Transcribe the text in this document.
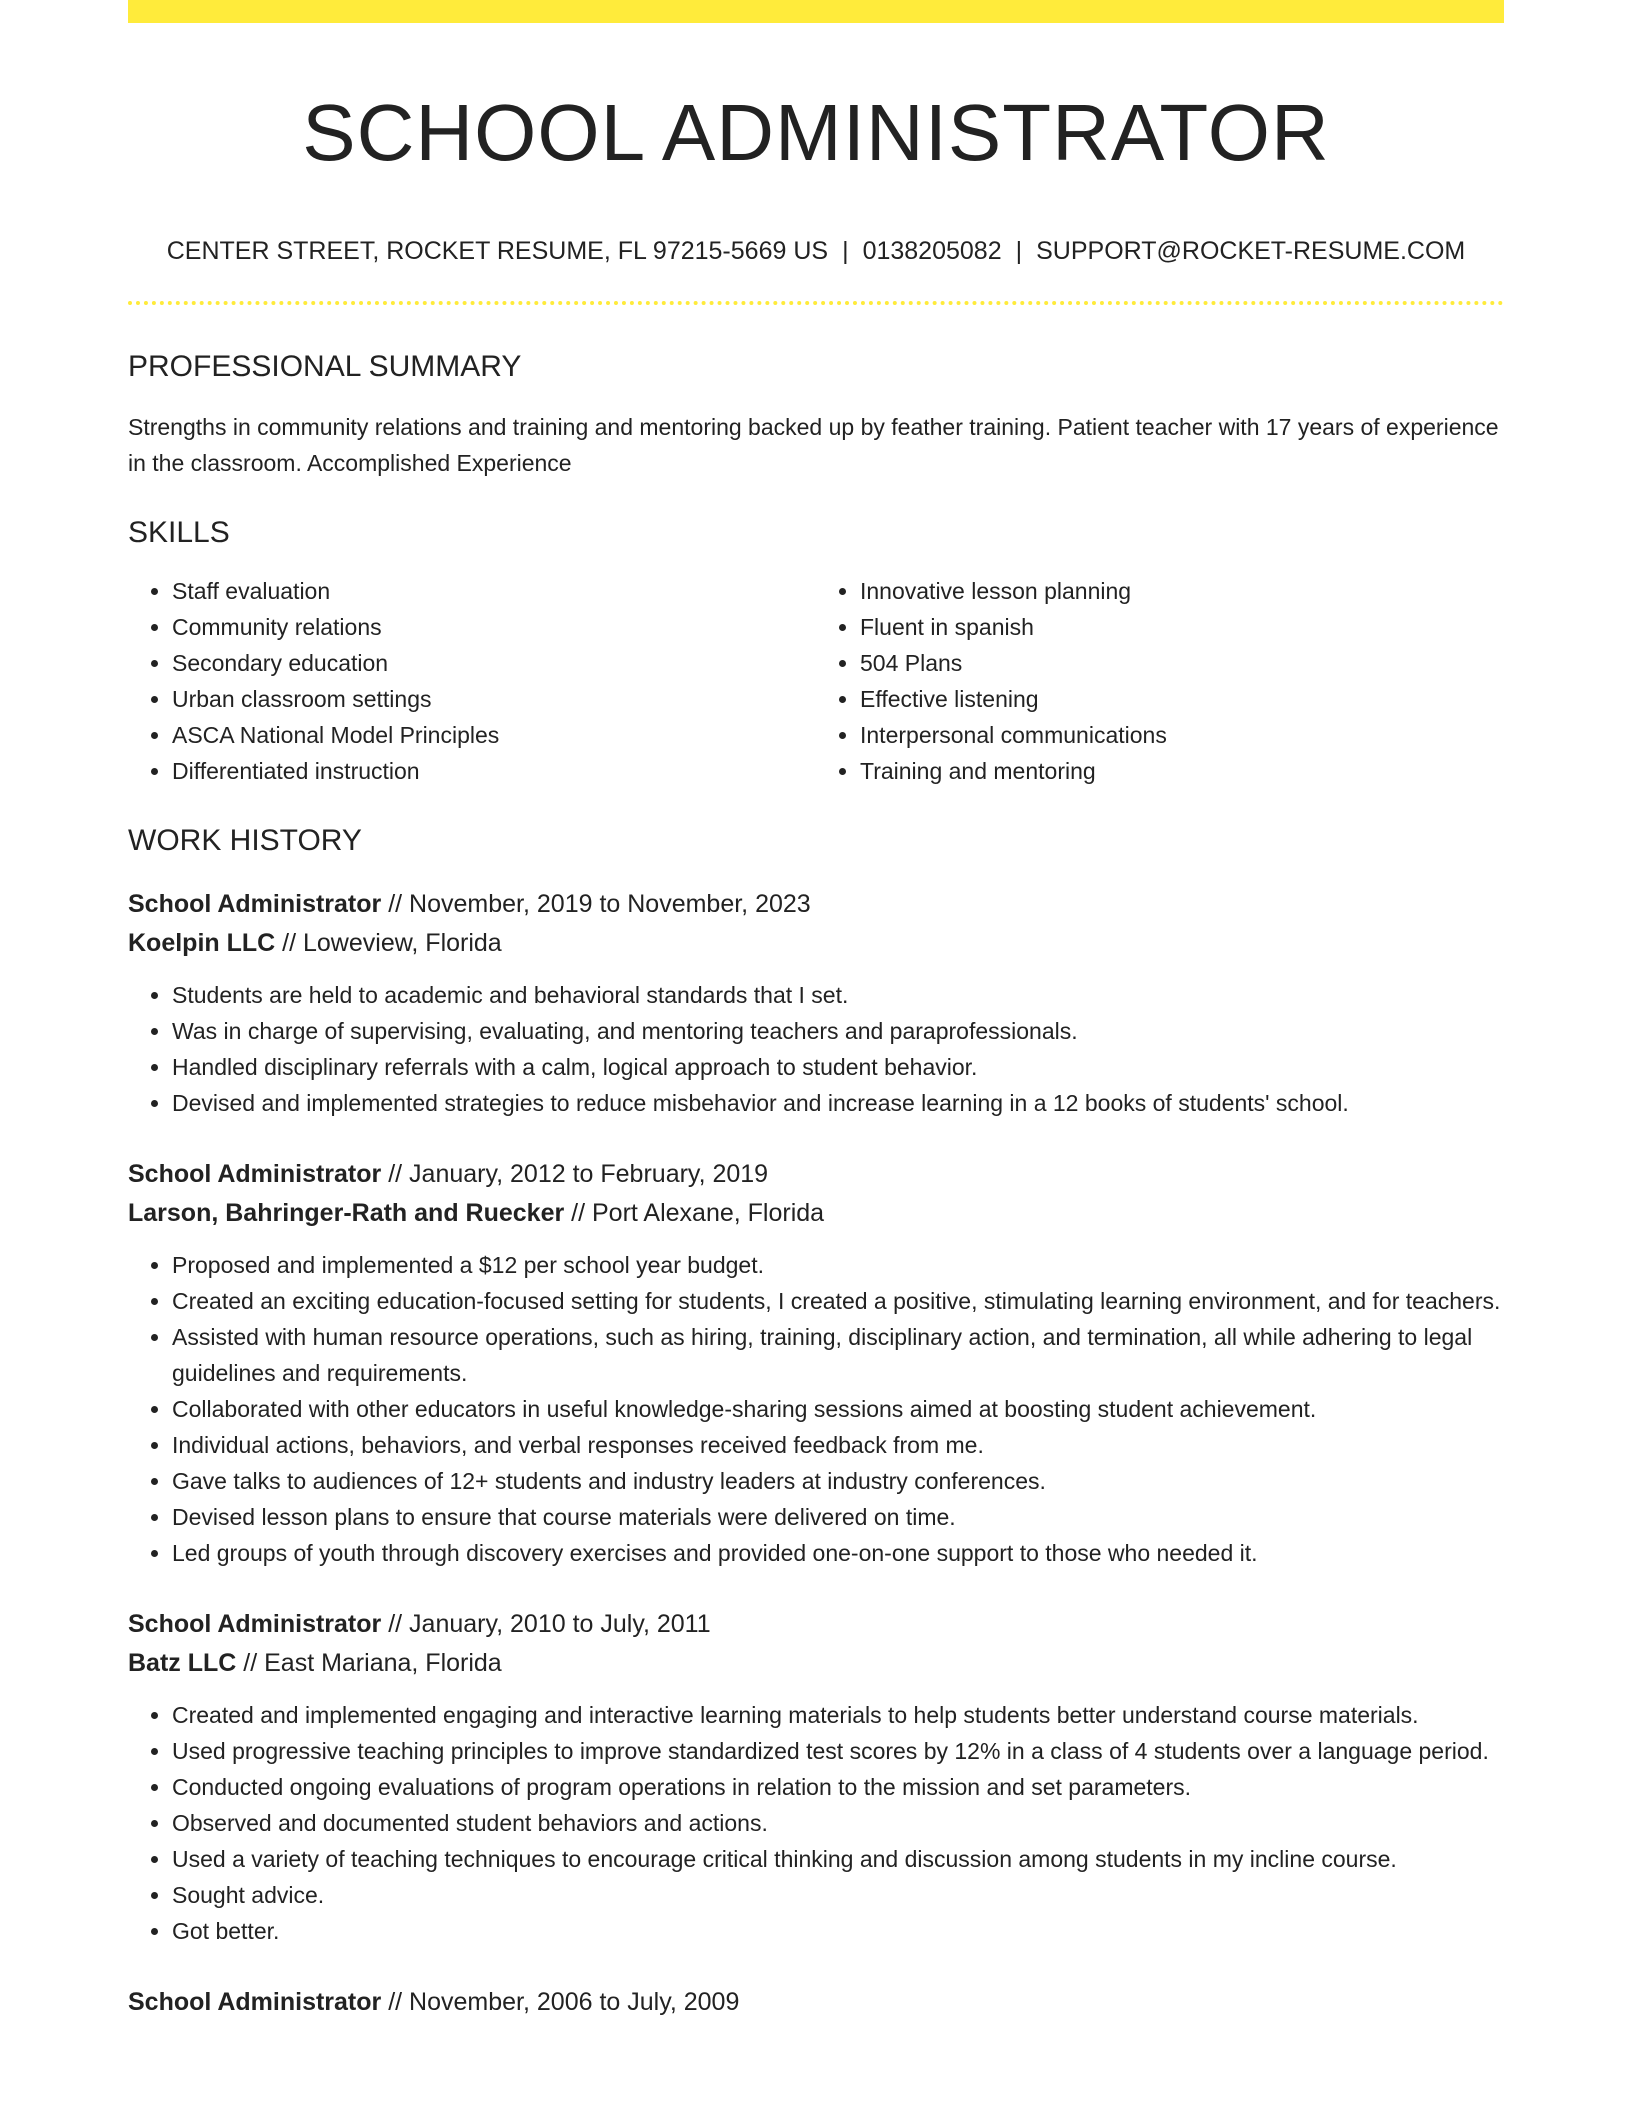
SCHOOL ADMINISTRATOR
CENTER STREET, ROCKET RESUME, FL 97215-5669 US | 0138205082 | SUPPORT@ROCKET-RESUME.COM
PROFESSIONAL SUMMARY
Strengths in community relations and training and mentoring backed up by feather training. Patient teacher with 17 years of experience in the classroom. Accomplished Experience
SKILLS
• Staff evaluation
• Community relations
• Secondary education
• Urban classroom settings
• ASCA National Model Principles
• Differentiated instruction
• Innovative lesson planning
• Fluent in spanish
• 504 Plans
• Effective listening
• Interpersonal communications
• Training and mentoring
WORK HISTORY
School Administrator // November, 2019 to November, 2023
Koelpin LLC // Loweview, Florida
• Students are held to academic and behavioral standards that I set.
• Was in charge of supervising, evaluating, and mentoring teachers and paraprofessionals.
• Handled disciplinary referrals with a calm, logical approach to student behavior.
• Devised and implemented strategies to reduce misbehavior and increase learning in a 12 books of students' school.
School Administrator // January, 2012 to February, 2019
Larson, Bahringer-Rath and Ruecker // Port Alexane, Florida
• Proposed and implemented a $12 per school year budget.
• Created an exciting education-focused setting for students, I created a positive, stimulating learning environment, and for teachers.
• Assisted with human resource operations, such as hiring, training, disciplinary action, and termination, all while adhering to legal guidelines and requirements.
• Collaborated with other educators in useful knowledge-sharing sessions aimed at boosting student achievement.
• Individual actions, behaviors, and verbal responses received feedback from me.
• Gave talks to audiences of 12+ students and industry leaders at industry conferences.
• Devised lesson plans to ensure that course materials were delivered on time.
• Led groups of youth through discovery exercises and provided one-on-one support to those who needed it.
School Administrator // January, 2010 to July, 2011
Batz LLC // East Mariana, Florida
• Created and implemented engaging and interactive learning materials to help students better understand course materials.
• Used progressive teaching principles to improve standardized test scores by 12% in a class of 4 students over a language period.
• Conducted ongoing evaluations of program operations in relation to the mission and set parameters.
• Observed and documented student behaviors and actions.
• Used a variety of teaching techniques to encourage critical thinking and discussion among students in my incline course.
• Sought advice.
• Got better.
School Administrator // November, 2006 to July, 2009
